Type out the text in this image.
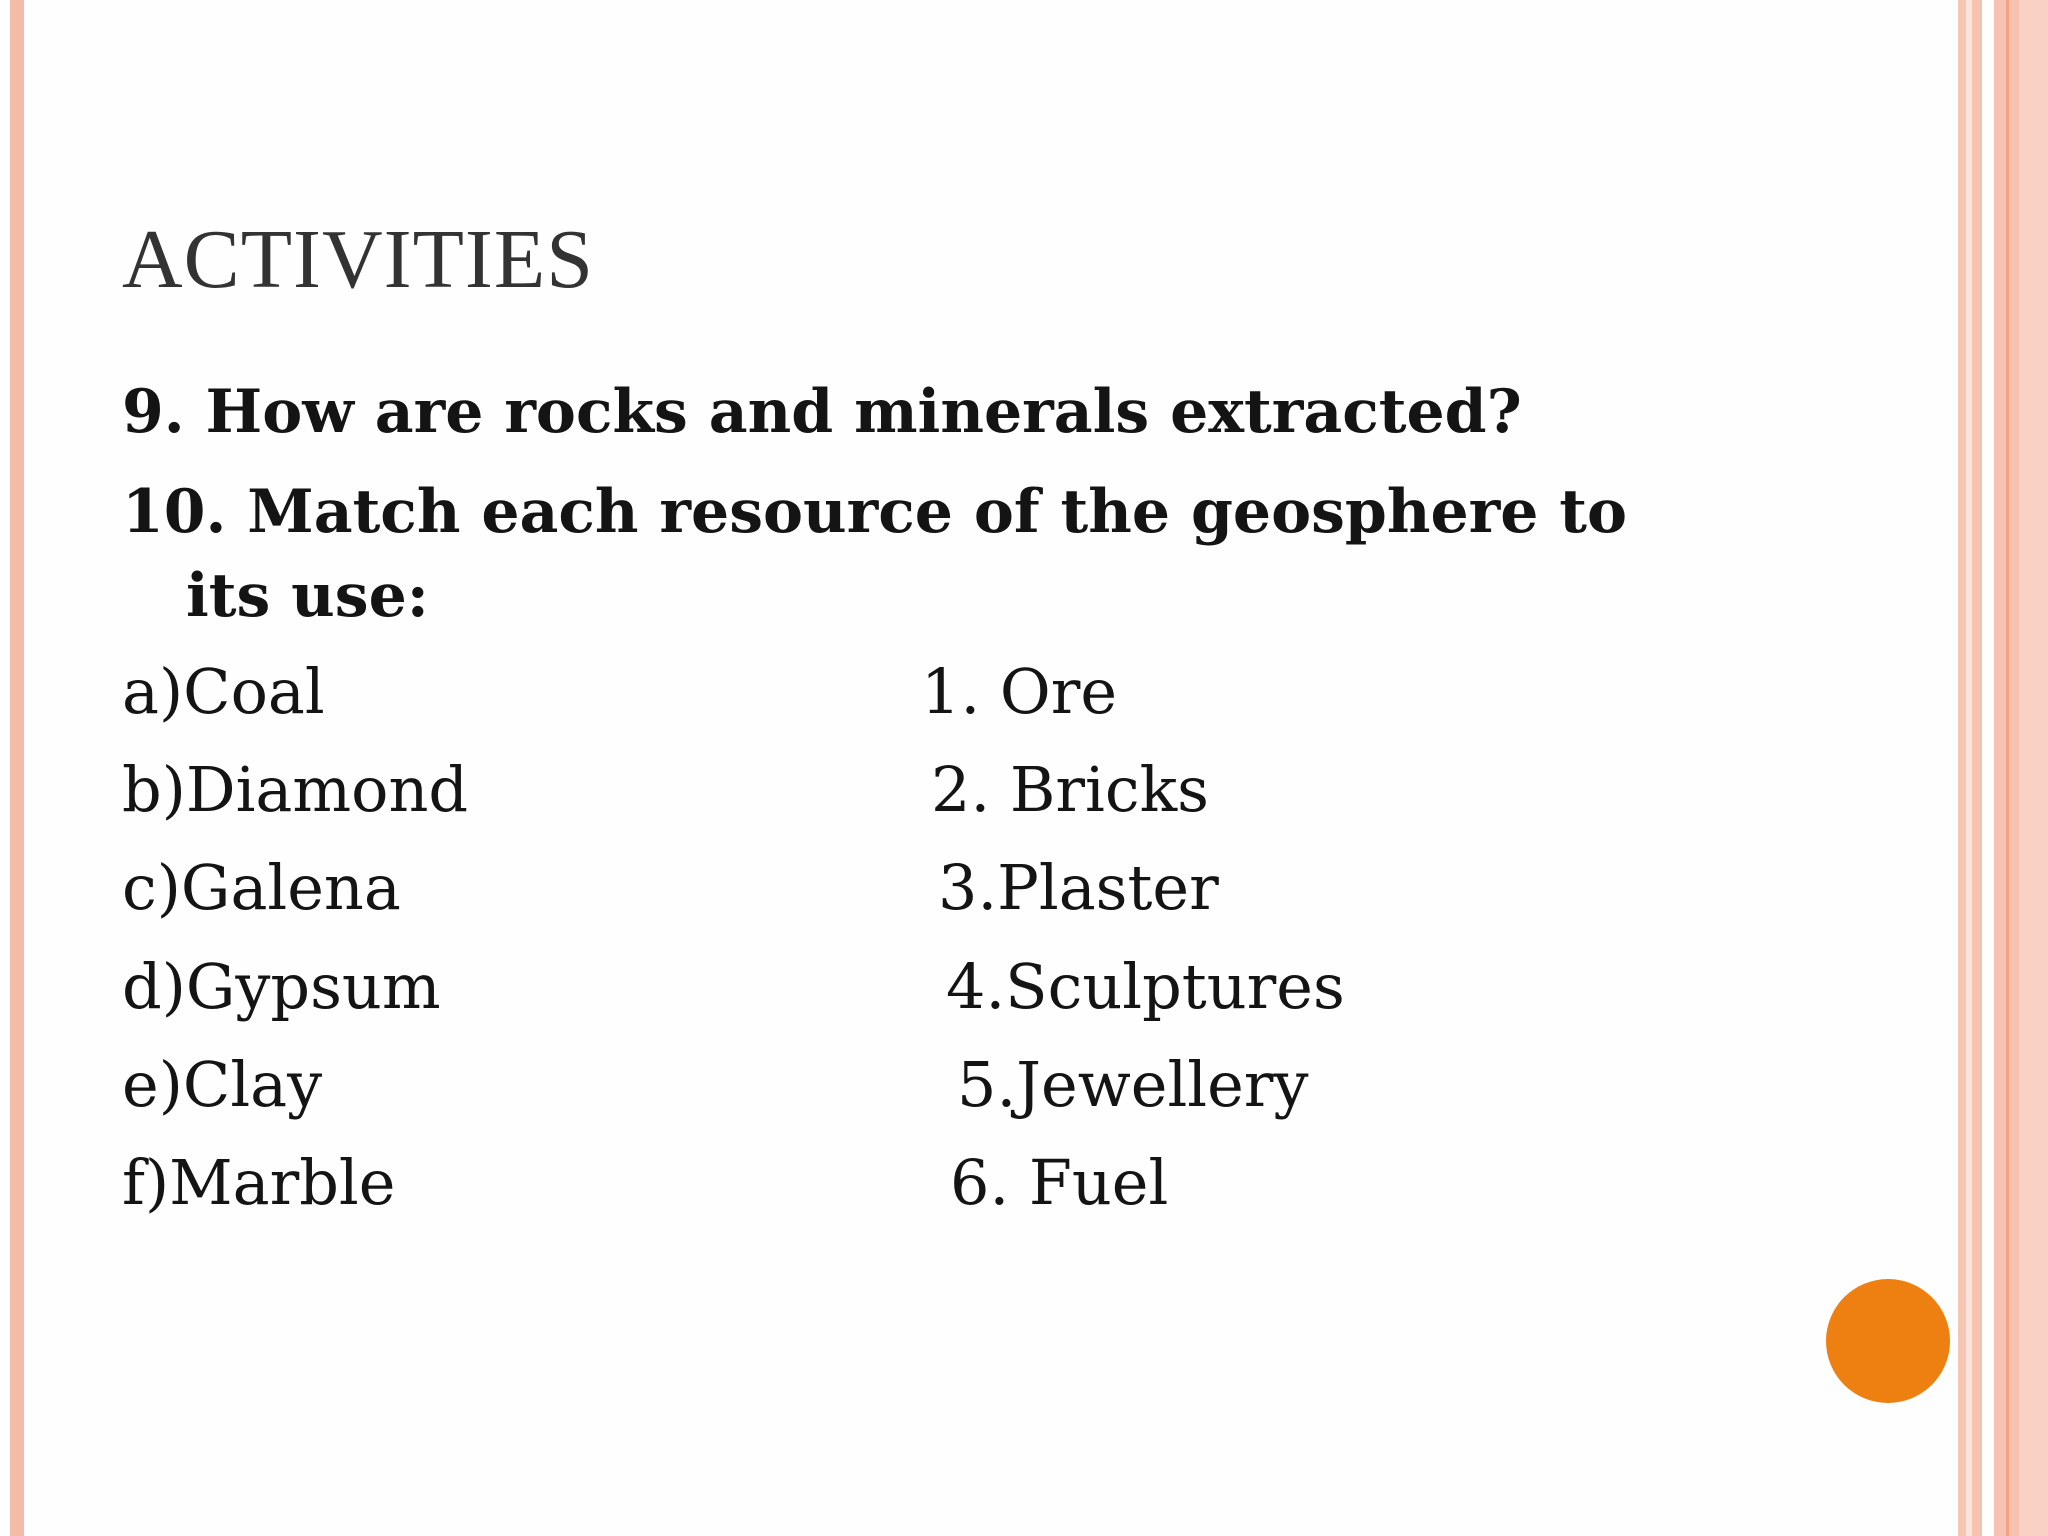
ACTIVITIES

9. How are rocks and minerals extracted?

10. Match each resource of the geosphere to
its use:

a)Coal

b)Diamond

c)Galena

d)Gypsum

e)Clay

f)Marble

1. Ore

2. Bricks

3.Plaster

4.Sculptures

5.Jewellery

6. Fuel
